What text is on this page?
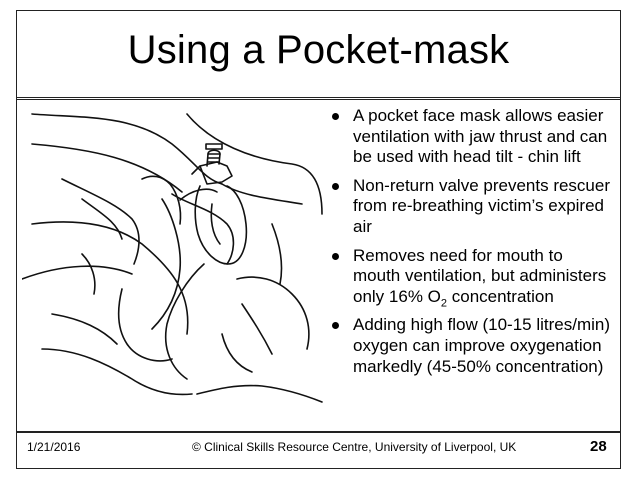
Using a Pocket-mask
A pocket face mask allows easier ventilation with jaw thrust and can be used with head tilt - chin lift
Non-return valve prevents rescuer from re-breathing victim’s expired air
Removes need for mouth to mouth ventilation, but administers only 16% $O_2$ concentration
Adding high flow (10-15 litres/min) oxygen can improve oxygenation markedly (45-50% concentration)
1/21/2016	© Clinical Skills Resource Centre, University of Liverpool, UK	28
